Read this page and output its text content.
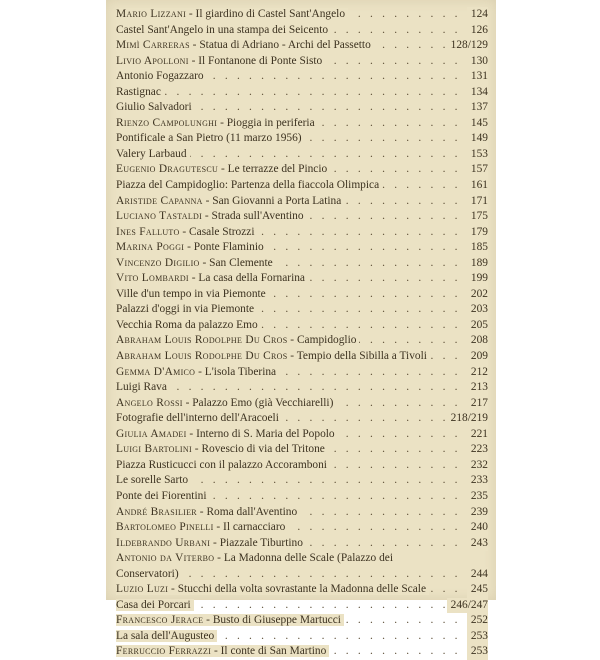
. . . Mario Lizzani - Il giardino di Castel Sant'Angelo	124
. . . Castel Sant'Angelo in una stampa dei Seicento	126
. . . Mimì Carreras - Statua di Adriano - Archi del Passetto	128/129
. . . Livio Apolloni - Il Fontanone di Ponte Sisto	130
. . . Antonio Fogazzaro	131
. . . Rastignac	134
. . . Giulio Salvadori	137
. . . Rienzo Campolunghi - Pioggia in periferia	145
. . . Pontificale a San Pietro (11 marzo 1956)	149
. . . Valery Larbaud	153
. . . Eugenio Dragutescu - Le terrazze del Pincio	157
. . . Piazza del Campidoglio: Partenza della fiaccola Olimpica	161
. . . Aristide Capanna - San Giovanni a Porta Latina	171
. . . Luciano Tastaldi - Strada sull'Aventino	175
. . . Ines Falluto - Casale Strozzi	179
. . . Marina Poggi - Ponte Flaminio	185
. . . Vincenzo Digilio - San Clemente	189
. . . Vito Lombardi - La casa della Fornarina	199
. . . Ville d'un tempo in via Piemonte	202
. . . Palazzi d'oggi in via Piemonte	203
. . . Vecchia Roma da palazzo Emo	205
. . . Abraham Louis Rodolphe Du Cros - Campidoglio	208
. . . Abraham Louis Rodolphe Du Cros - Tempio della Sibilla a Tivoli	209
. . . Gemma D'Amico - L'isola Tiberina	212
. . . Luigi Rava	213
. . . Angelo Rossi - Palazzo Emo (già Vecchiarelli)	217
. . . Fotografie dell'interno dell'Aracoeli	218/219
. . . Giulia Amadei - Interno di S. Maria del Popolo	221
. . . Luigi Bartolini - Rovescio di via del Tritone	223
. . . Piazza Rusticucci con il palazzo Accoramboni	232
. . . Le sorelle Sarto	233
. . . Ponte dei Fiorentini	235
. . . André Brasilier - Roma dall'Aventino	239
. . . Bartolomeo Pinelli - Il carnacciaro	240
. . . Ildebrando Urbani - Piazzale Tiburtino	243
Antonio da Viterbo - La Madonna delle Scale (Palazzo dei
. . . Conservatori)	244
. . . Luzio Luzi - Stucchi della volta sovrastante la Madonna delle Scale	245
. . . Casa dei Porcari	246/247
. . . Francesco Jerace - Busto di Giuseppe Martucci	252
. . . La sala dell'Augusteo	253
. . . Ferruccio Ferrazzi - Il conte di San Martino	253
